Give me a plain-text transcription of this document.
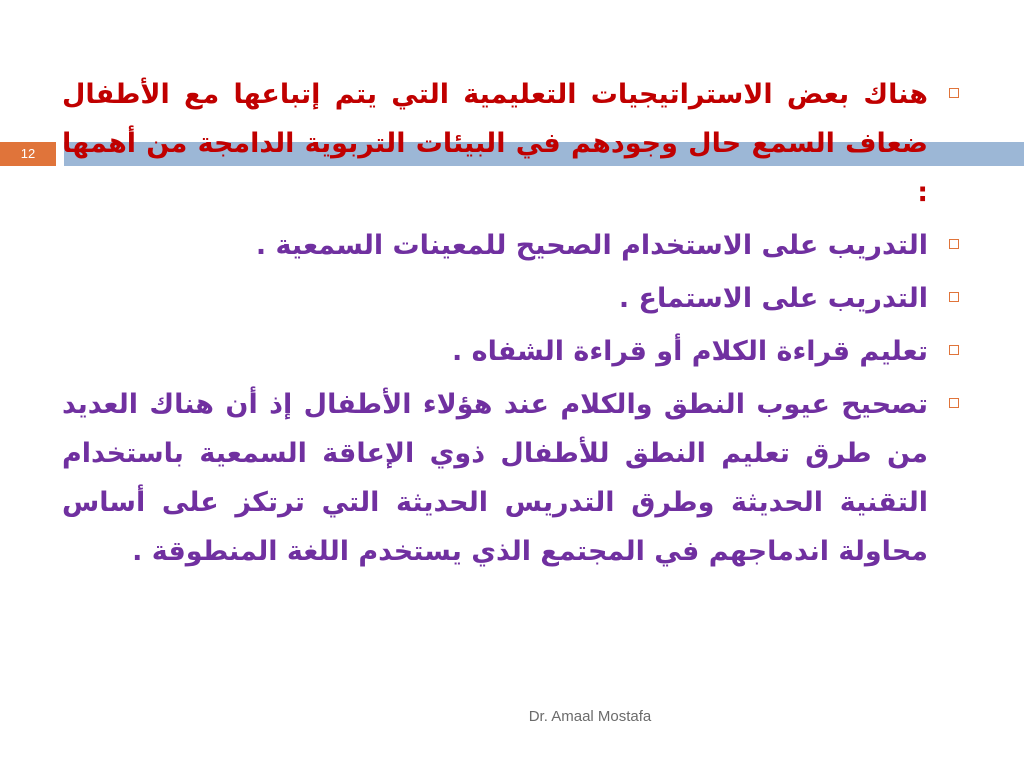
12
هناك بعض الاستراتيجيات التعليمية التي يتم إتباعها مع الأطفال ضعاف السمع حال وجودهم في البيئات التربوية الدامجة من أهمها :
التدريب على الاستخدام الصحيح للمعينات السمعية .
التدريب على الاستماع .
تعليم قراءة الكلام أو قراءة الشفاه .
تصحيح عيوب النطق والكلام عند هؤلاء الأطفال إذ أن هناك العديد من طرق تعليم النطق للأطفال ذوي الإعاقة السمعية باستخدام التقنية الحديثة وطرق التدريس الحديثة التي ترتكز على أساس محاولة اندماجهم في المجتمع الذي يستخدم اللغة المنطوقة .
Dr. Amaal Mostafa
